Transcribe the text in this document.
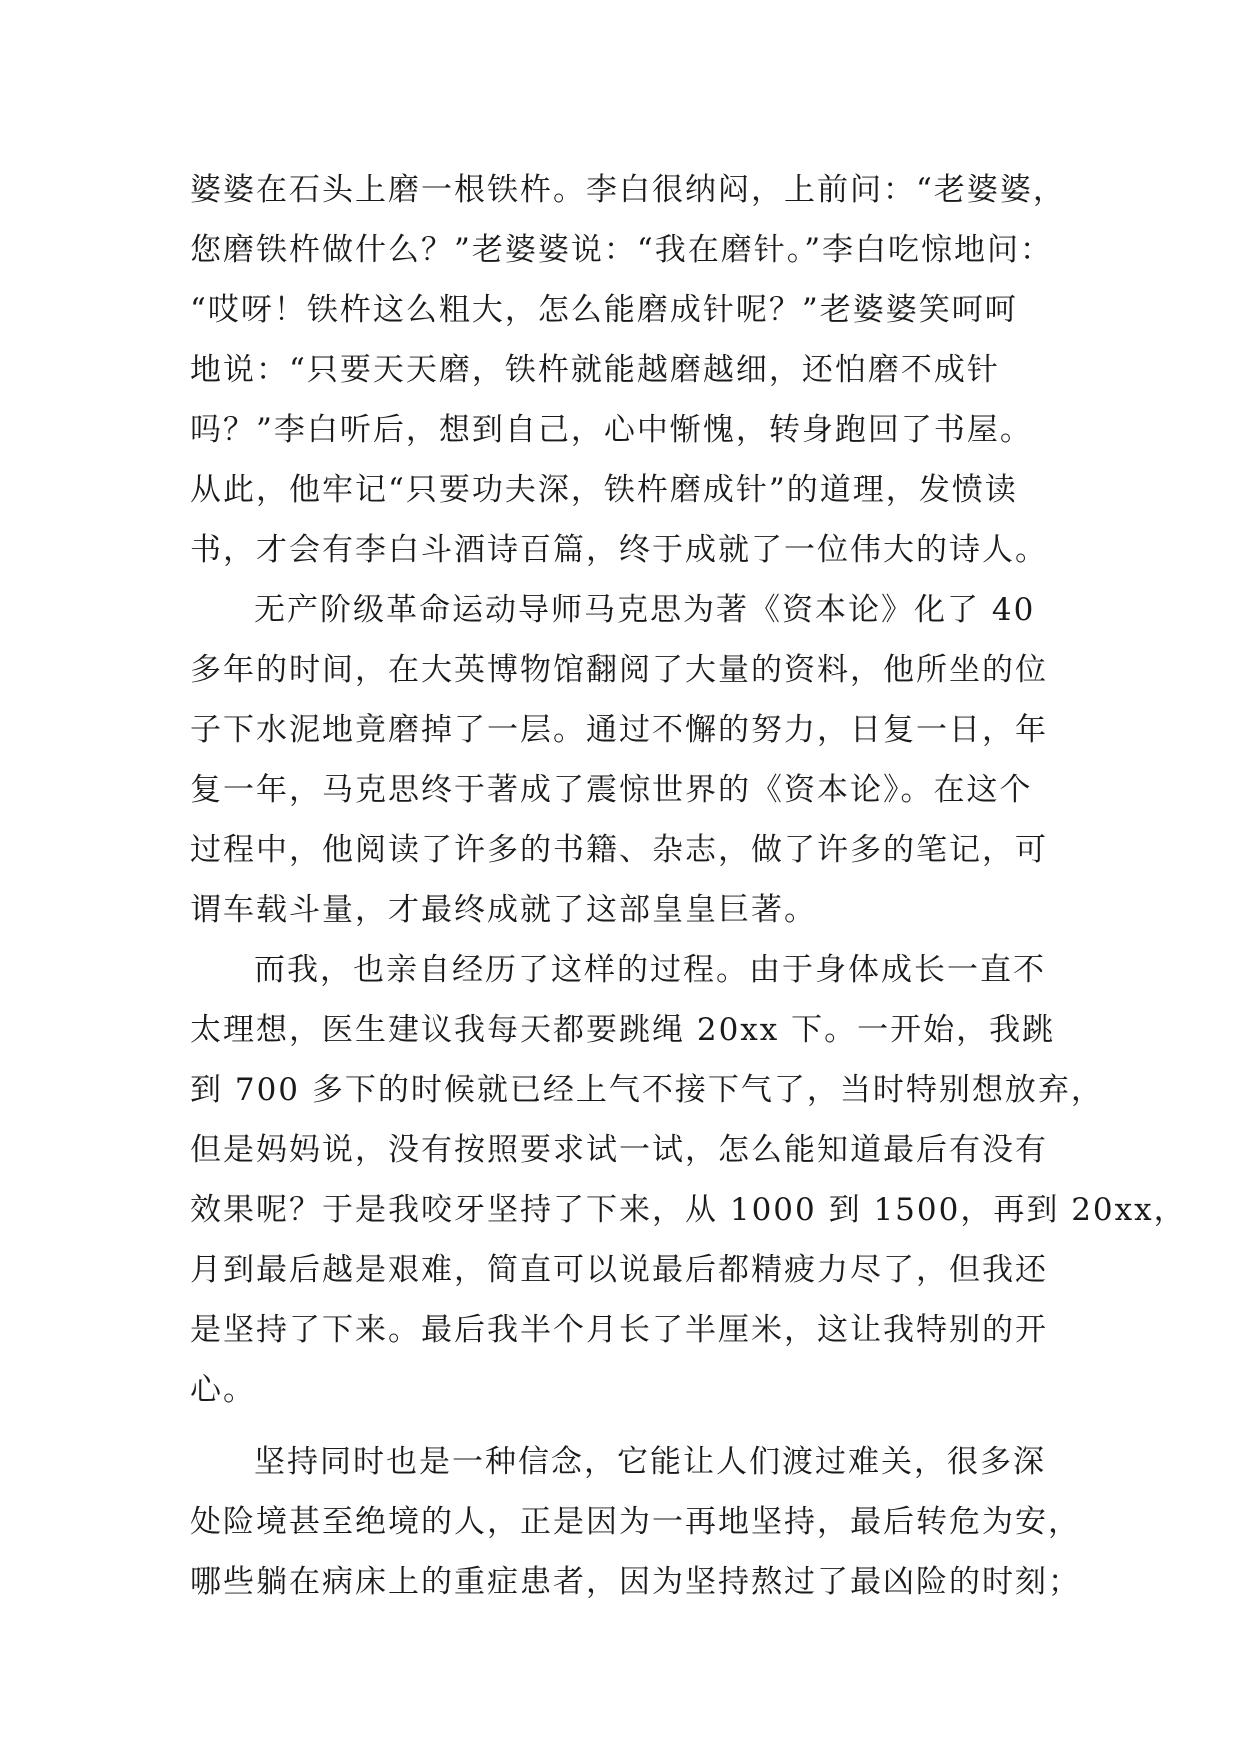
婆婆在石头上磨一根铁杵。李白很纳闷，上前问：“老婆婆，
您磨铁杵做什么？”老婆婆说：“我在磨针。”李白吃惊地问：
“哎呀！铁杵这么粗大，怎么能磨成针呢？”老婆婆笑呵呵
地说：“只要天天磨，铁杵就能越磨越细，还怕磨不成针
吗？”李白听后，想到自己，心中惭愧，转身跑回了书屋。
从此，他牢记“只要功夫深，铁杵磨成针”的道理，发愤读
书，才会有李白斗酒诗百篇，终于成就了一位伟大的诗人。
无产阶级革命运动导师马克思为著《资本论》化了 40
多年的时间，在大英博物馆翻阅了大量的资料，他所坐的位
子下水泥地竟磨掉了一层。通过不懈的努力，日复一日，年
复一年，马克思终于著成了震惊世界的《资本论》。在这个
过程中，他阅读了许多的书籍、杂志，做了许多的笔记，可
谓车载斗量，才最终成就了这部皇皇巨著。
而我，也亲自经历了这样的过程。由于身体成长一直不
太理想，医生建议我每天都要跳绳 20xx 下。一开始，我跳
到 700 多下的时候就已经上气不接下气了，当时特别想放弃，
但是妈妈说，没有按照要求试一试，怎么能知道最后有没有
效果呢？于是我咬牙坚持了下来，从 1000 到 1500，再到 20xx，
月到最后越是艰难，简直可以说最后都精疲力尽了，但我还
是坚持了下来。最后我半个月长了半厘米，这让我特别的开
心。
坚持同时也是一种信念，它能让人们渡过难关，很多深
处险境甚至绝境的人，正是因为一再地坚持，最后转危为安，
哪些躺在病床上的重症患者，因为坚持熬过了最凶险的时刻；
